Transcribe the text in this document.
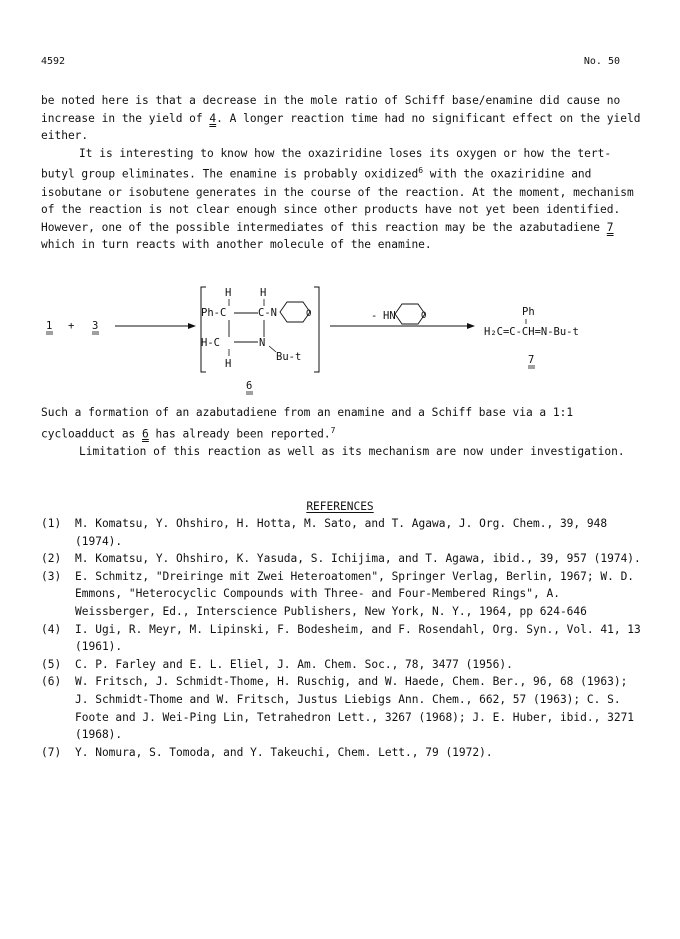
4592	No. 50

be noted here is that a decrease in the mole ratio of Schiff base/enamine did cause no increase in the yield of 4. A longer reaction time had no significant effect on the yield either.

It is interesting to know how the oxaziridine loses its oxygen or how the tert-butyl group eliminates. The enamine is probably oxidized$^6$ with the oxaziridine and isobutane or isobutene generates in the course of the reaction. At the moment, mechanism of the reaction is not clear enough since other products have not yet been identified. However, one of the possible intermediates of this reaction may be the azabutadiene 7 which in turn reacts with another molecule of the enamine.

1 + 3
H	H
Ph-C	C-N	O
H-C	N
Bu-t
H
6
- HN	O	Ph
H₂C=C-CH=N-Bu-t
7

Such a formation of an azabutadiene from an enamine and a Schiff base via a 1:1 cycloadduct as 6 has already been reported.$^7$

Limitation of this reaction as well as its mechanism are now under investigation.

REFERENCES
(1)	M. Komatsu, Y. Ohshiro, H. Hotta, M. Sato, and T. Agawa, J. Org. Chem., 39, 948 (1974).
(2)	M. Komatsu, Y. Ohshiro, K. Yasuda, S. Ichijima, and T. Agawa, ibid., 39, 957 (1974).
(3)	E. Schmitz, "Dreiringe mit Zwei Heteroatomen", Springer Verlag, Berlin, 1967; W. D. Emmons, "Heterocyclic Compounds with Three- and Four-Membered Rings", A. Weissberger, Ed., Interscience Publishers, New York, N. Y., 1964, pp 624-646
(4)	I. Ugi, R. Meyr, M. Lipinski, F. Bodesheim, and F. Rosendahl, Org. Syn., Vol. 41, 13 (1961).
(5)	C. P. Farley and E. L. Eliel, J. Am. Chem. Soc., 78, 3477 (1956).
(6)	W. Fritsch, J. Schmidt-Thome, H. Ruschig, and W. Haede, Chem. Ber., 96, 68 (1963); J. Schmidt-Thome and W. Fritsch, Justus Liebigs Ann. Chem., 662, 57 (1963); C. S. Foote and J. Wei-Ping Lin, Tetrahedron Lett., 3267 (1968); J. E. Huber, ibid., 3271 (1968).
(7)	Y. Nomura, S. Tomoda, and Y. Takeuchi, Chem. Lett., 79 (1972).
